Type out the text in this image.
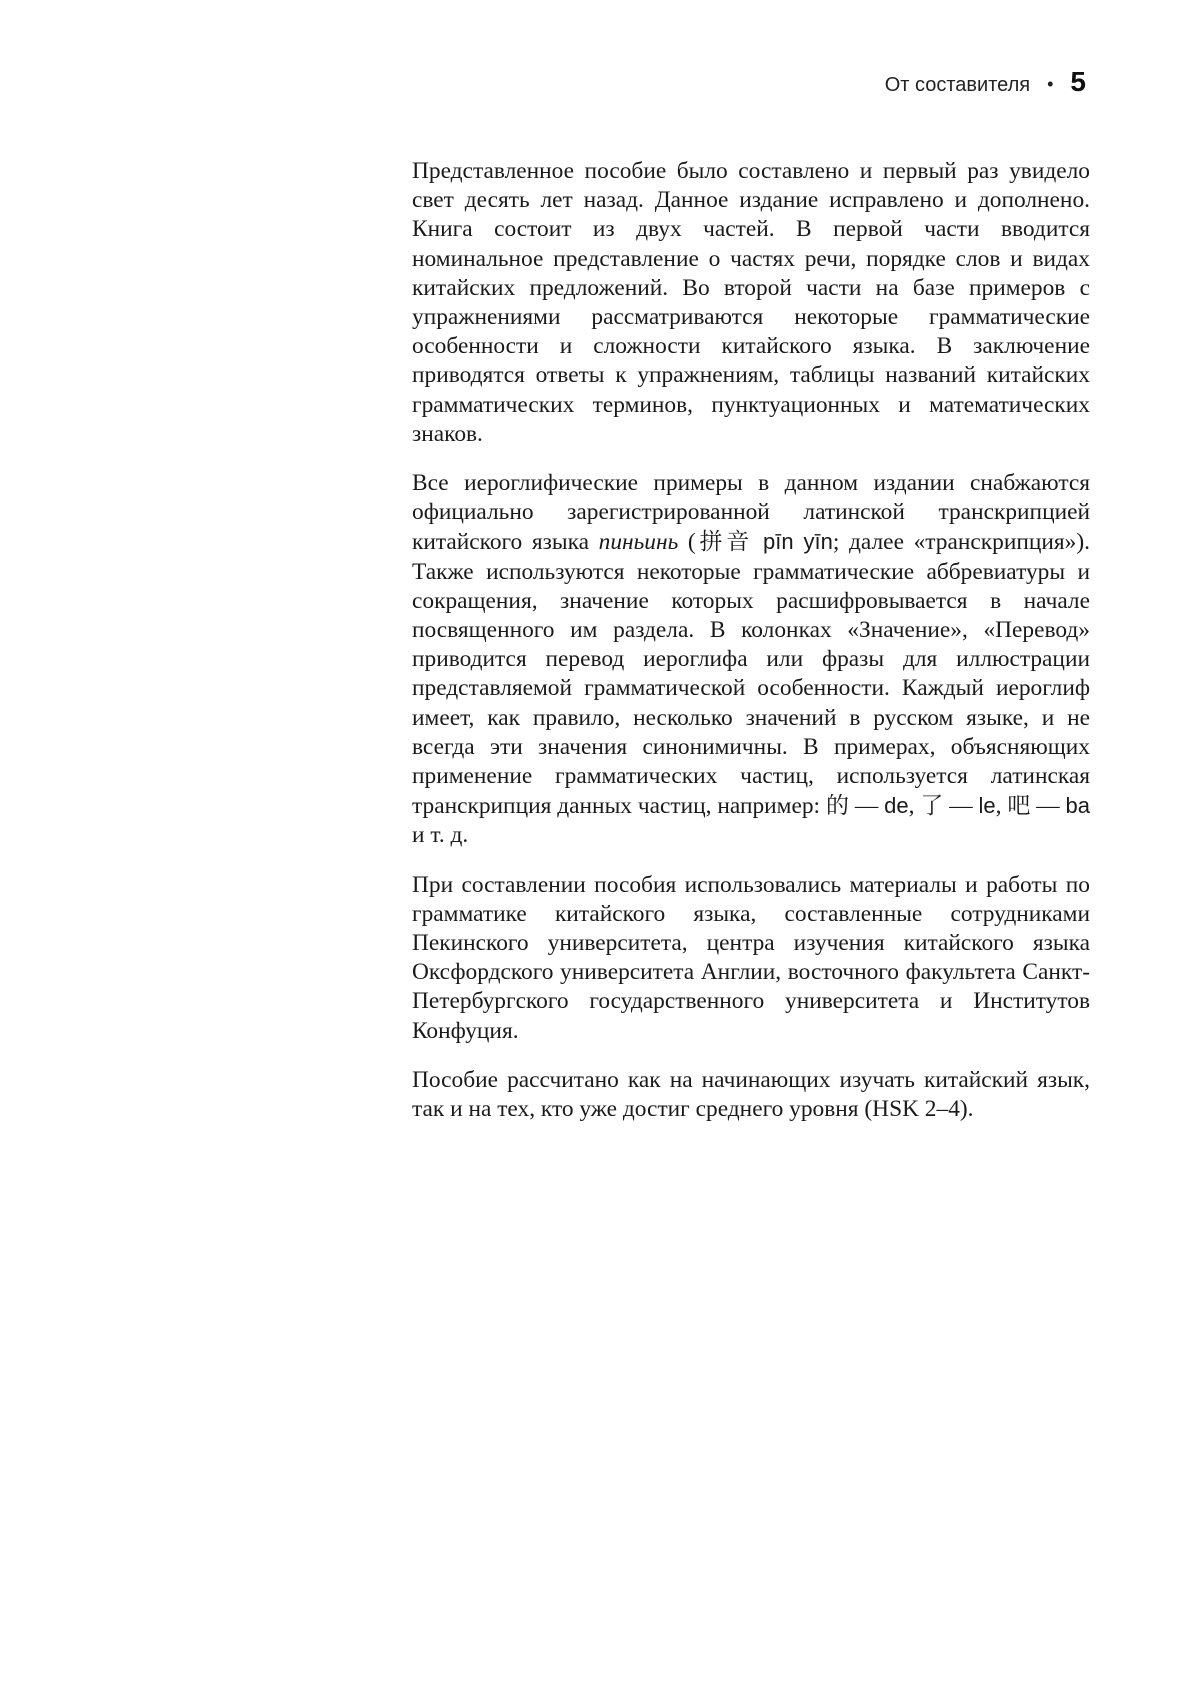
От составителя • 5

Представленное пособие было составлено и первый раз увидело свет десять лет назад. Данное издание исправлено и дополнено. Книга состоит из двух частей. В первой части вводится номинальное представление о частях речи, порядке слов и видах китайских предложений. Во второй части на базе примеров с упражнениями рассматриваются некоторые грамматические особенности и сложности китайского языка. В заключение приводятся ответы к упражнениям, таблицы названий китайских грамматических терминов, пунктуационных и математических знаков.

Все иероглифические примеры в данном издании снабжаются официально зарегистрированной латинской транскрипцией китайского языка пиньинь (拼音 pīn yīn; далее «транскрипция»). Также используются некоторые грамматические аббревиатуры и сокращения, значение которых расшифровывается в начале посвященного им раздела. В колонках «Значение», «Перевод» приводится перевод иероглифа или фразы для иллюстрации представляемой грамматической особенности. Каждый иероглиф имеет, как правило, несколько значений в русском языке, и не всегда эти значения синонимичны. В примерах, объясняющих применение грамматических частиц, используется латинская транскрипция данных частиц, например: 的 — de, 了 — le, 吧 — ba и т. д.

При составлении пособия использовались материалы и работы по грамматике китайского языка, составленные сотрудниками Пекинского университета, центра изучения китайского языка Оксфордского университета Англии, восточного факультета Санкт-Петербургского государственного университета и Институтов Конфуция.

Пособие рассчитано как на начинающих изучать китайский язык, так и на тех, кто уже достиг среднего уровня (HSK 2–4).
